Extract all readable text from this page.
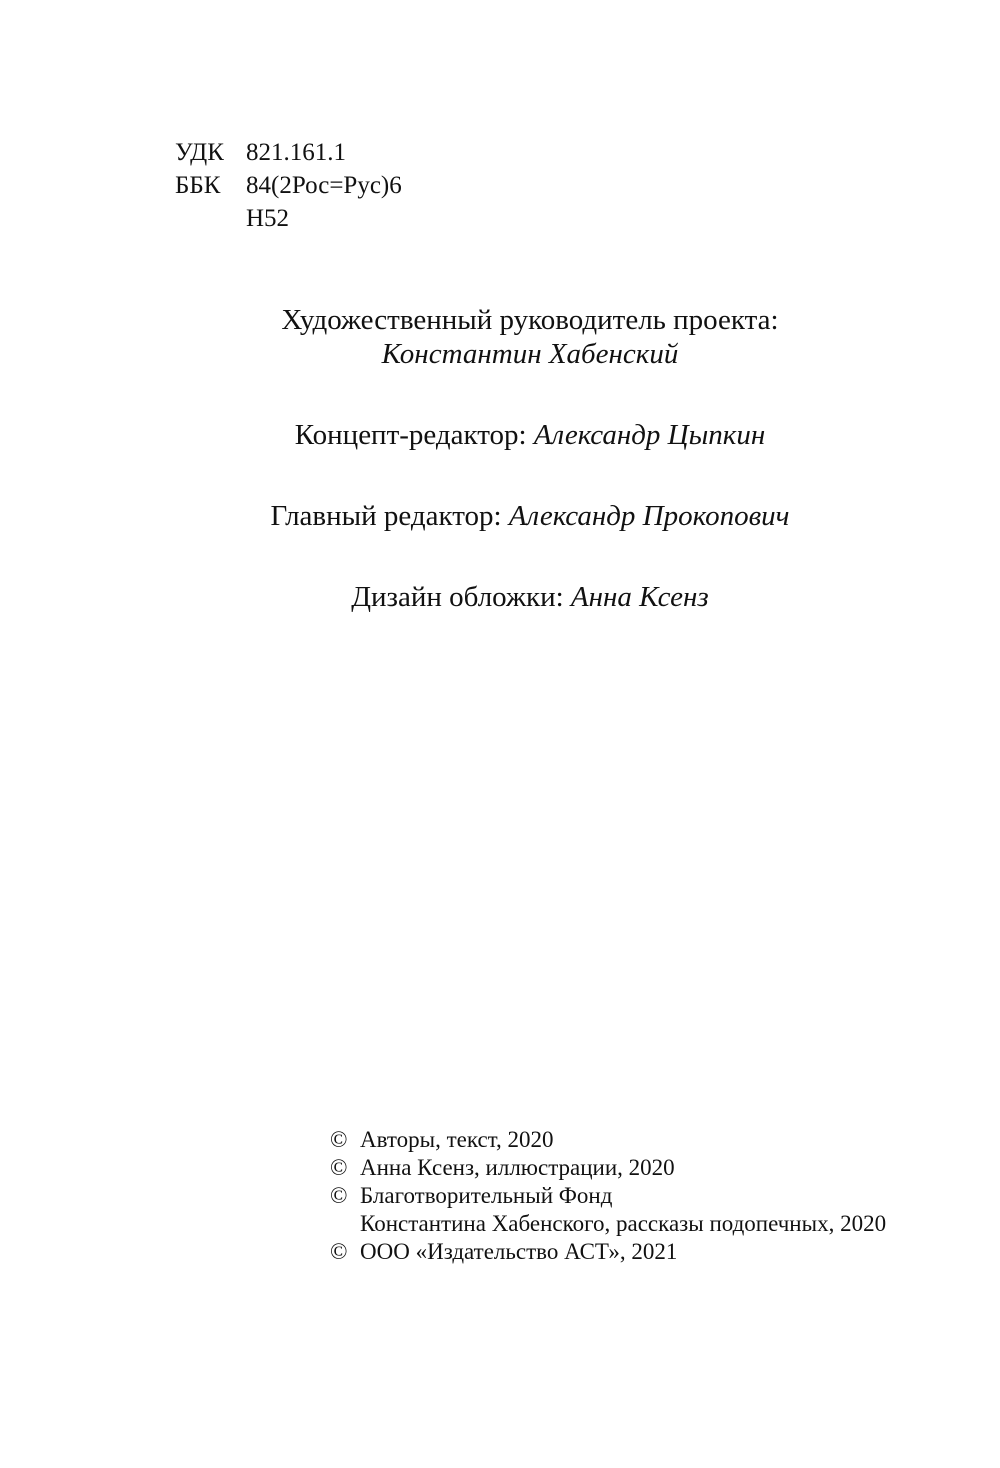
УДК 821.161.1
ББК	84(2Рос=Рус)6
Н52
Художественный руководитель проекта:
Константин Хабенский
Концепт-редактор: Александр Цыпкин
Главный редактор: Александр Прокопович
Дизайн обложки: Анна Ксенз
© Авторы, текст, 2020
© Анна Ксенз, иллюстрации, 2020
© Благотворительный Фонд
Константина Хабенского, рассказы подопечных, 2020
© ООО «Издательство АСТ», 2021
